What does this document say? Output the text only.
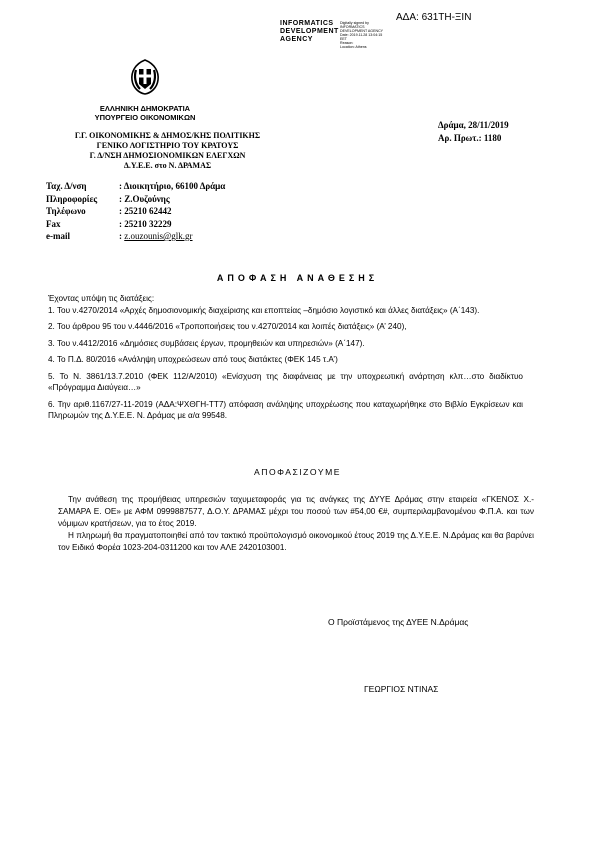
ΑΔΑ: 631ΤΗ-ΞΙΝ
INFORMATICS
DEVELOPMENT
AGENCY
Digitally signed by
INFORMATICS
DEVELOPMENT AGENCY
Date: 2019.11.28 13:04:15
EET
Reason:
Location: Athens
ΕΛΛΗΝΙΚΗ ΔΗΜΟΚΡΑΤΙΑ
ΥΠΟΥΡΓΕΙΟ ΟΙΚΟΝΟΜΙΚΩΝ
Γ.Γ. ΟΙΚΟΝΟΜΙΚΗΣ & ΔΗΜΟΣ/ΚΗΣ ΠΟΛΙΤΙΚΗΣ
ΓΕΝΙΚΟ ΛΟΓΙΣΤΗΡΙΟ ΤΟΥ ΚΡΑΤΟΥΣ
Γ. Δ/ΝΣΗ ΔΗΜΟΣΙΟΝΟΜΙΚΩΝ ΕΛΕΓΧΩΝ
Δ.Υ.Ε.Ε. στο Ν. ΔΡΑΜΑΣ
Δράμα, 28/11/2019
Αρ. Πρωτ.: 1180
Ταχ. Δ/νση	: Διοικητήριο, 66100 Δράμα
Πληροφορίες	: Ζ.Ουζούνης
Τηλέφωνο	: 25210 62442
Fax	: 25210 32229
e-mail	: z.ouzounis@glk.gr
ΑΠΟΦΑΣΗ ΑΝΑΘΕΣΗΣ

Έχοντας υπόψη τις διατάξεις:

1. Του ν.4270/2014 «Αρχές δημοσιονομικής διαχείρισης και εποπτείας –δημόσιο λογιστικό και άλλες διατάξεις» (Α΄143).

2. Του άρθρου 95 του ν.4446/2016 «Τροποποιήσεις του ν.4270/2014 και λοιπές διατάξεις» (Α’ 240),

3. Του ν.4412/2016 «Δημόσιες συμβάσεις έργων, προμηθειών και υπηρεσιών» (Α΄147).

4. Το Π.Δ. 80/2016 «Ανάληψη υποχρεώσεων από τους διατάκτες (ΦΕΚ 145 τ.Α’)

5. Το Ν. 3861/13.7.2010 (ΦΕΚ 112/Α/2010) «Ενίσχυση της διαφάνειας με την υποχρεωτική ανάρτηση κλπ…στο διαδίκτυο «Πρόγραμμα Διαύγεια…»

6. Την αριθ.1167/27-11-2019 (ΑΔΑ:ΨΧΘΓΗ-ΤΤ7) απόφαση ανάληψης υποχρέωσης που καταχωρήθηκε στο Βιβλίο Εγκρίσεων και Πληρωμών της Δ.Υ.Ε.Ε. Ν. Δράμας με α/α 99548.

ΑΠΟΦΑΣΙΖΟΥΜΕ

Την ανάθεση της προμήθειας υπηρεσιών ταχυμεταφοράς για τις ανάγκες της ΔΥΥΕ Δράμας στην εταιρεία «ΓΚΕΝΟΣ Χ.- ΣΑΜΑΡΑ Ε. ΟΕ» με ΑΦΜ 0999887577, Δ.Ο.Υ. ΔΡΑΜΑΣ μέχρι του ποσού των #54,00 €#, συμπεριλαμβανομένου Φ.Π.Α. και των νόμιμων κρατήσεων, για το έτος 2019.

Η πληρωμή θα πραγματοποιηθεί από τον τακτικό προϋπολογισμό οικονομικού έτους 2019 της Δ.Υ.Ε.Ε. Ν.Δράμας και θα βαρύνει τον Ειδικό Φορέα 1023-204-0311200 και τον ΑΛΕ 2420103001.

Ο Προϊστάμενος της ΔΥΕΕ Ν.Δράμας
ΓΕΩΡΓΙΟΣ ΝΤΙΝΑΣ
